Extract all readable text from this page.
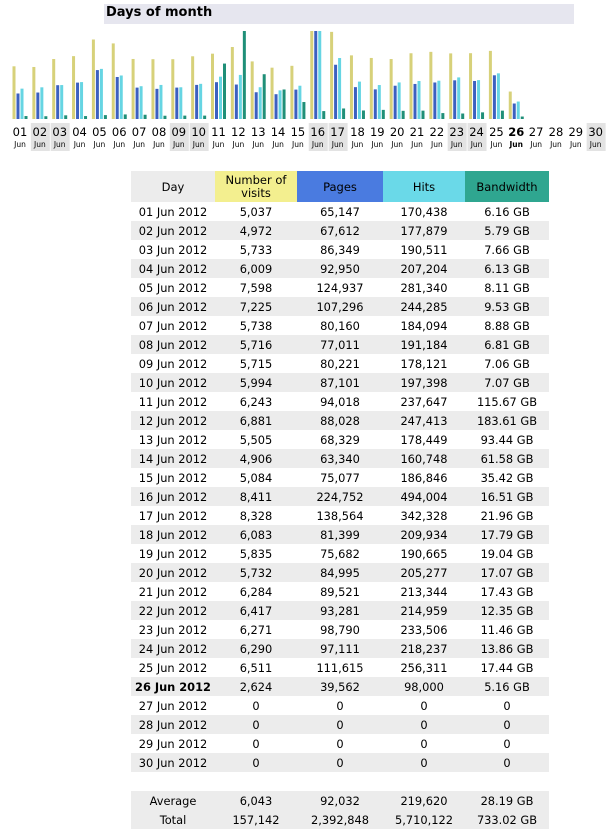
Days of month
01
Jun
02
Jun
03
Jun
04
Jun
05
Jun
06
Jun
07
Jun
08
Jun
09
Jun
10
Jun
11
Jun
12
Jun
13
Jun
14
Jun
15
Jun
16
Jun
17
Jun
18
Jun
19
Jun
20
Jun
21
Jun
22
Jun
23
Jun
24
Jun
25
Jun
26
Jun
27
Jun
28
Jun
29
Jun
30
Jun
Day	Number of visits	Pages	Hits	Bandwidth
01 Jun 2012	5,037	65,147	170,438	6.16 GB
02 Jun 2012	4,972	67,612	177,879	5.79 GB
03 Jun 2012	5,733	86,349	190,511	7.66 GB
04 Jun 2012	6,009	92,950	207,204	6.13 GB
05 Jun 2012	7,598	124,937	281,340	8.11 GB
06 Jun 2012	7,225	107,296	244,285	9.53 GB
07 Jun 2012	5,738	80,160	184,094	8.88 GB
08 Jun 2012	5,716	77,011	191,184	6.81 GB
09 Jun 2012	5,715	80,221	178,121	7.06 GB
10 Jun 2012	5,994	87,101	197,398	7.07 GB
11 Jun 2012	6,243	94,018	237,647	115.67 GB
12 Jun 2012	6,881	88,028	247,413	183.61 GB
13 Jun 2012	5,505	68,329	178,449	93.44 GB
14 Jun 2012	4,906	63,340	160,748	61.58 GB
15 Jun 2012	5,084	75,077	186,846	35.42 GB
16 Jun 2012	8,411	224,752	494,004	16.51 GB
17 Jun 2012	8,328	138,564	342,328	21.96 GB
18 Jun 2012	6,083	81,399	209,934	17.79 GB
19 Jun 2012	5,835	75,682	190,665	19.04 GB
20 Jun 2012	5,732	84,995	205,277	17.07 GB
21 Jun 2012	6,284	89,521	213,344	17.43 GB
22 Jun 2012	6,417	93,281	214,959	12.35 GB
23 Jun 2012	6,271	98,790	233,506	11.46 GB
24 Jun 2012	6,290	97,111	218,237	13.86 GB
25 Jun 2012	6,511	111,615	256,311	17.44 GB
26 Jun 2012	2,624	39,562	98,000	5.16 GB
27 Jun 2012	0	0	0	0
28 Jun 2012	0	0	0	0
29 Jun 2012	0	0	0	0
30 Jun 2012	0	0	0	0

Average	6,043	92,032	219,620	28.19 GB
Total	157,142	2,392,848	5,710,122	733.02 GB
